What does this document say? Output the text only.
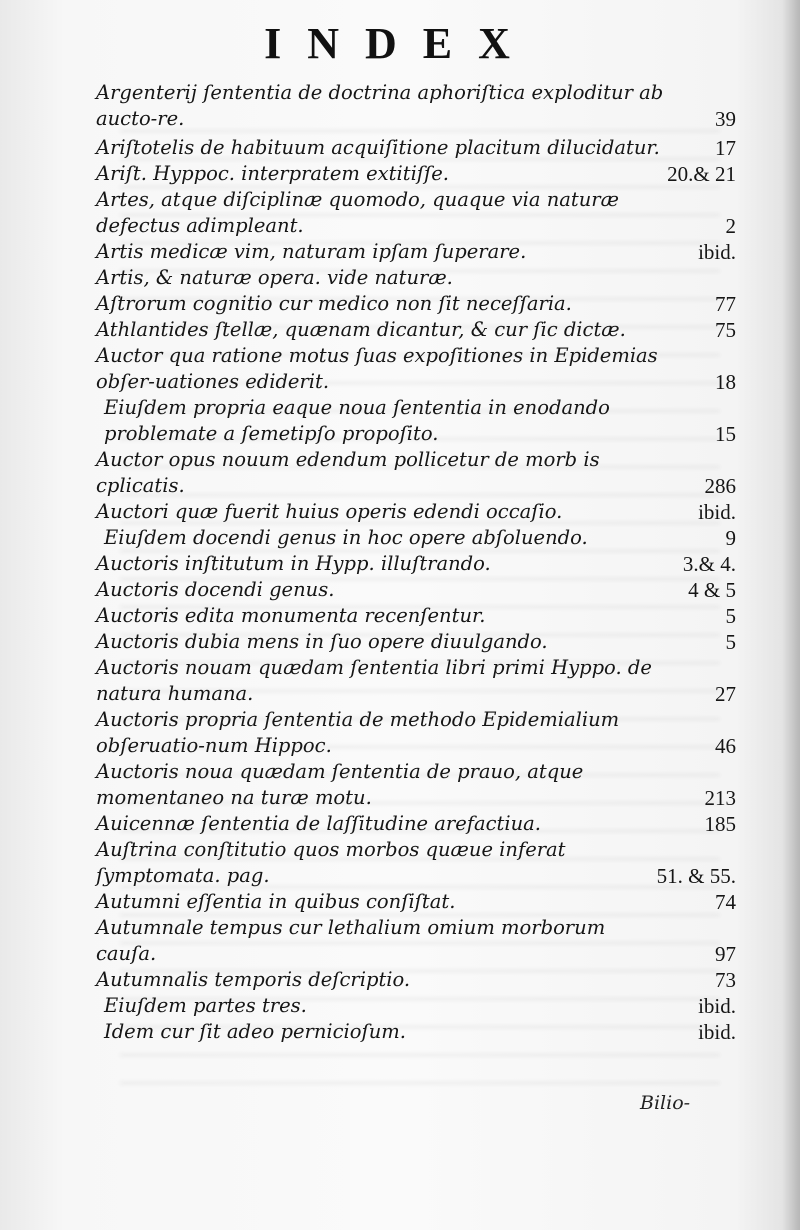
INDEX
Argenterij ſententia de doctrina aphoriſtica exploditur ab aucto-re.	39
Ariſtotelis de habituum acquiſitione placitum dilucidatur.	17
Ariſt. Hyppoc. interpratem extitiſſe.	20.& 21
Artes, atque diſciplinæ quomodo, quaque via naturæ defectus adimpleant.	2
Artis medicæ vim, naturam ipſam ſuperare.	ibid.
Artis, & naturæ opera. vide naturæ.
Aſtrorum cognitio cur medico non ſit neceſſaria.	77
Athlantides ſtellæ, quænam dicantur, & cur ſic dictæ.	75
Auctor qua ratione motus ſuas expoſitiones in Epidemias obſer-uationes ediderit.	18
Eiuſdem propria eaque noua ſententia in enodando problemate a ſemetipſo propoſito.	15
Auctor opus nouum edendum pollicetur de morb is cplicatis.	286
Auctori quæ fuerit huius operis edendi occaſio.	ibid.
Eiuſdem docendi genus in hoc opere abſoluendo.	9
Auctoris inſtitutum in Hypp. illuſtrando.	3.& 4.
Auctoris docendi genus.	4 & 5
Auctoris edita monumenta recenſentur.	5
Auctoris dubia mens in ſuo opere diuulgando.	5
Auctoris nouam quædam ſententia libri primi Hyppo. de natura humana.	27
Auctoris propria ſententia de methodo Epidemialium obſeruatio-num Hippoc.	46
Auctoris noua quædam ſententia de prauo, atque momentaneo na turæ motu.	213
Auicennæ ſententia de laſſitudine arefactiua.	185
Auſtrina conſtitutio quos morbos quæue inferat ſymptomata. pag.	51. & 55.
Autumni eſſentia in quibus conſiſtat.	74
Autumnale tempus cur lethalium omium morborum cauſa.	97
Autumnalis temporis deſcriptio.	73
Eiuſdem partes tres.	ibid.
Idem cur ſit adeo pernicioſum.	ibid.
Bilio-
